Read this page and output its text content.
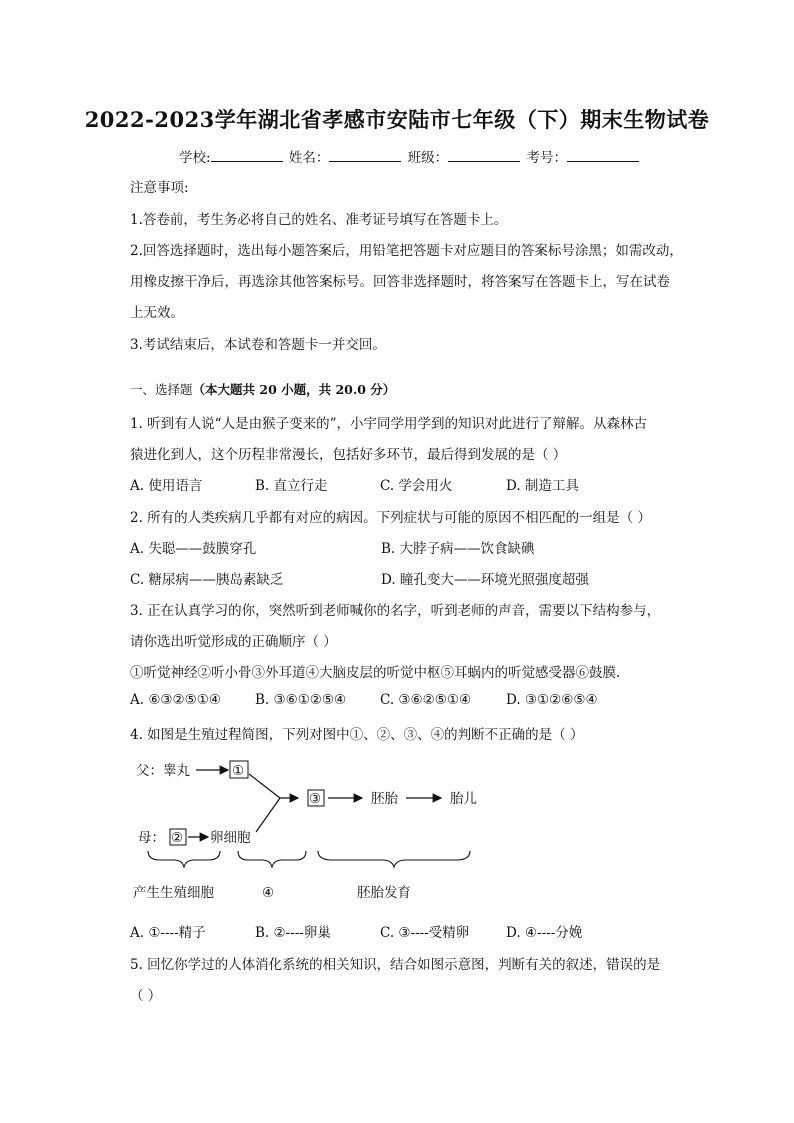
2022-2023学年湖北省孝感市安陆市七年级（下）期末生物试卷
学校:	姓名：	班级：	考号：
注意事项:
1.答卷前，考生务必将自己的姓名、准考证号填写在答题卡上。
2.回答选择题时，选出每小题答案后，用铅笔把答题卡对应题目的答案标号涂黑；如需改动，
用橡皮擦干净后，再选涂其他答案标号。回答非选择题时，将答案写在答题卡上，写在试卷
上无效。
3.考试结束后，本试卷和答题卡一并交回。
一、选择题（本大题共 20 小题，共 20.0 分）
1. 听到有人说“人是由猴子变来的”，小宇同学用学到的知识对此进行了辩解。从森林古
猿进化到人，这个历程非常漫长，包括好多环节，最后得到发展的是（ ）
A. 使用语言	B. 直立行走	C. 学会用火	D. 制造工具
2. 所有的人类疾病几乎都有对应的病因。下列症状与可能的原因不相匹配的一组是（ ）
A. 失聪——鼓膜穿孔	B. 大脖子病——饮食缺碘
C. 糖尿病——胰岛素缺乏	D. 瞳孔变大——环境光照强度超强
3. 正在认真学习的你，突然听到老师喊你的名字，听到老师的声音，需要以下结构参与，
请你选出听觉形成的正确顺序（ ）
①听觉神经②听小骨③外耳道④大脑皮层的听觉中枢⑤耳蜗内的听觉感受器⑥鼓膜.
A. ⑥③②⑤①④	B. ③⑥①②⑤④	C. ③⑥②⑤①④	D. ③①②⑥⑤④
4. 如图是生殖过程简图，下列对图中①、②、③、④的判断不正确的是（ ）
父：睾丸	①
③	胚胎	胎儿
母： ② 卵细胞
产生生殖细胞	④	胚胎发育
A. ①----精子	B. ②----卵巢	C. ③----受精卵	D. ④----分娩
5. 回忆你学过的人体消化系统的相关知识，结合如图示意图，判断有关的叙述，错误的是
（ ）
